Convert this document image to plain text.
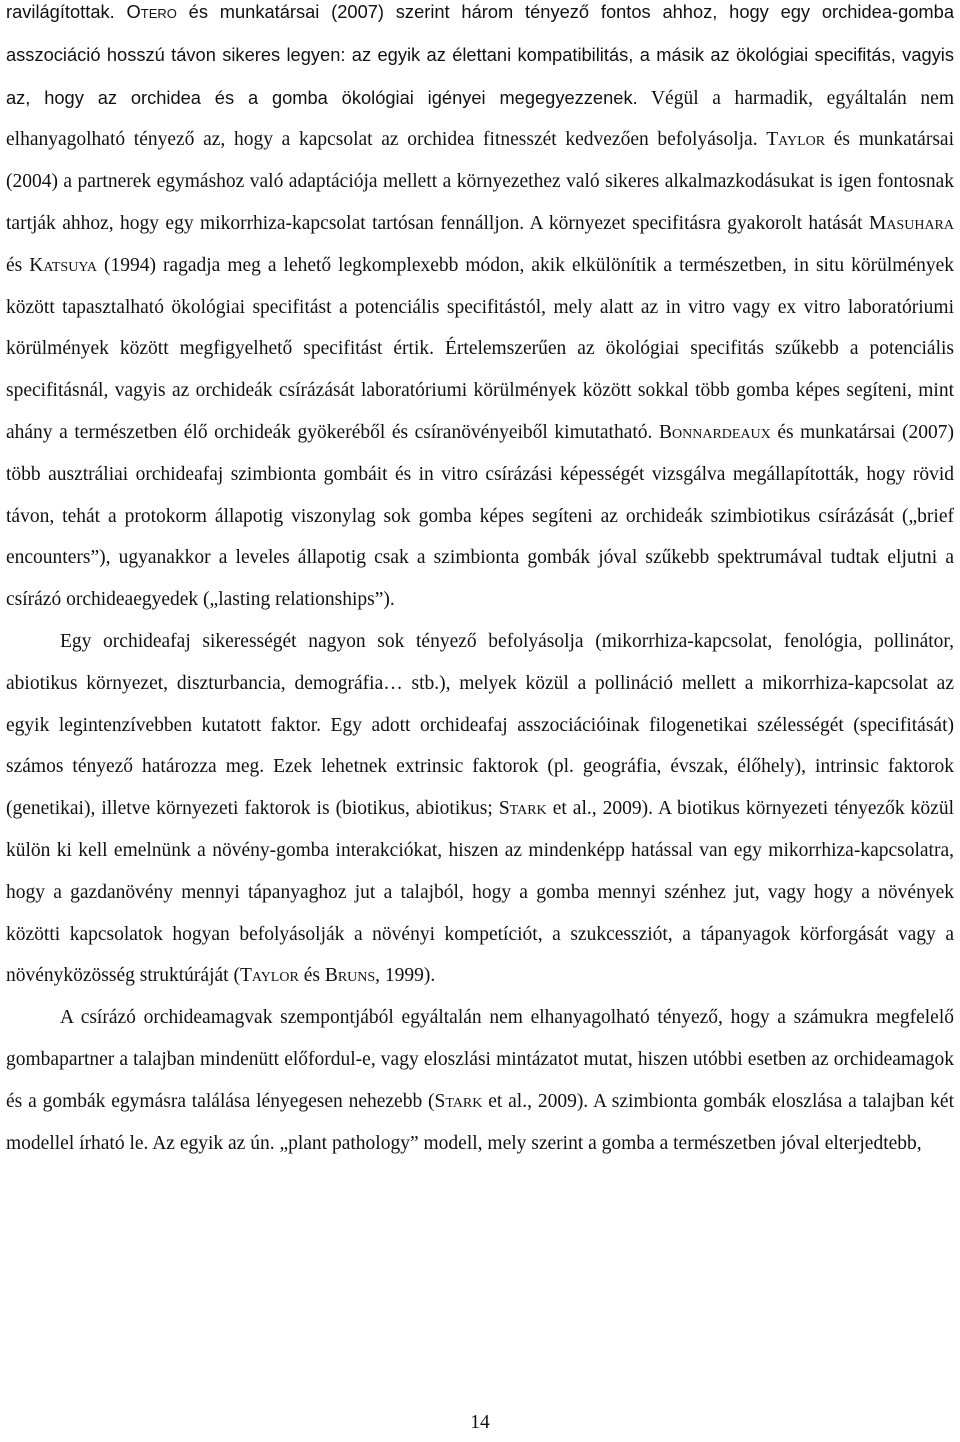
ravilágítottak. Otero és munkatársai (2007) szerint három tényező fontos ahhoz, hogy egy orchidea-gomba asszociáció hosszú távon sikeres legyen: az egyik az élettani kompatibilitás, a másik az ökológiai specifitás, vagyis az, hogy az orchidea és a gomba ökológiai igényei megegyezzenek. Végül a harmadik, egyáltalán nem elhanyagolható tényező az, hogy a kapcsolat az orchidea fitnesszét kedvezően befolyásolja. Taylor és munkatársai (2004) a partnerek egymáshoz való adaptációja mellett a környezethez való sikeres alkalmazkodásukat is igen fontosnak tartják ahhoz, hogy egy mikorrhiza-kapcsolat tartósan fennálljon. A környezet specifitásra gyakorolt hatását Masuhara és Katsuya (1994) ragadja meg a lehető legkomplexebb módon, akik elkülönítik a természetben, in situ körülmények között tapasztalható ökológiai specifitást a potenciális specifitástól, mely alatt az in vitro vagy ex vitro laboratóriumi körülmények között megfigyelhető specifitást értik. Értelemszerűen az ökológiai specifitás szűkebb a potenciális specifitásnál, vagyis az orchideák csírázását laboratóriumi körülmények között sokkal több gomba képes segíteni, mint ahány a természetben élő orchideák gyökeréből és csíranövényeiből kimutatható. Bonnardeaux és munkatársai (2007) több ausztráliai orchideafaj szimbionta gombáit és in vitro csírázási képességét vizsgálva megállapították, hogy rövid távon, tehát a protokorm állapotig viszonylag sok gomba képes segíteni az orchideák szimbiotikus csírázását („brief encounters”), ugyanakkor a leveles állapotig csak a szimbionta gombák jóval szűkebb spektrumával tudtak eljutni a csírázó orchideaegyedek („lasting relationships”).

Egy orchideafaj sikerességét nagyon sok tényező befolyásolja (mikorrhiza-kapcsolat, fenológia, pollinátor, abiotikus környezet, diszturbancia, demográfia… stb.), melyek közül a pollináció mellett a mikorrhiza-kapcsolat az egyik legintenzívebben kutatott faktor. Egy adott orchideafaj asszociációinak filogenetikai szélességét (specifitását) számos tényező határozza meg. Ezek lehetnek extrinsic faktorok (pl. geográfia, évszak, élőhely), intrinsic faktorok (genetikai), illetve környezeti faktorok is (biotikus, abiotikus; Stark et al., 2009). A biotikus környezeti tényezők közül külön ki kell emelnünk a növény-gomba interakciókat, hiszen az mindenképp hatással van egy mikorrhiza-kapcsolatra, hogy a gazdanövény mennyi tápanyaghoz jut a talajból, hogy a gomba mennyi szénhez jut, vagy hogy a növények közötti kapcsolatok hogyan befolyásolják a növényi kompetíciót, a szukcessziót, a tápanyagok körforgását vagy a növényközösség struktúráját (Taylor és Bruns, 1999).

A csírázó orchideamagvak szempontjából egyáltalán nem elhanyagolható tényező, hogy a számukra megfelelő gombapartner a talajban mindenütt előfordul-e, vagy eloszlási mintázatot mutat, hiszen utóbbi esetben az orchideamagok és a gombák egymásra találása lényegesen nehezebb (Stark et al., 2009). A szimbionta gombák eloszlása a talajban két modellel írható le. Az egyik az ún. „plant pathology” modell, mely szerint a gomba a természetben jóval elterjedtebb,

14
